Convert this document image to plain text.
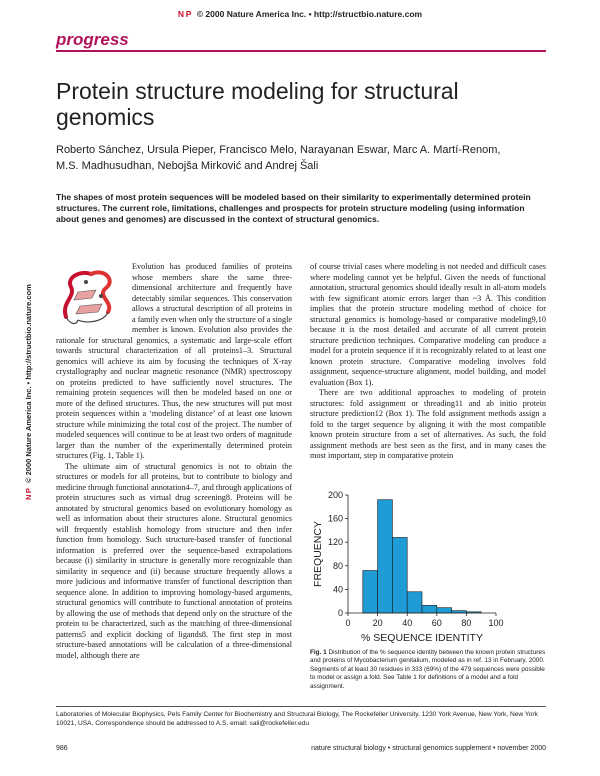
N P © 2000 Nature America Inc. • http://structbio.nature.com
progress
N P © 2000 Nature America Inc. • http://structbio.nature.com
Protein structure modeling for structural genomics
Roberto Sánchez, Ursula Pieper, Francisco Melo, Narayanan Eswar, Marc A. Martí-Renom, M.S. Madhusudhan, Nebojša Mirković and Andrej Šali
The shapes of most protein sequences will be modeled based on their similarity to experimentally determined protein structures. The current role, limitations, challenges and prospects for protein structure modeling (using information about genes and genomes) are discussed in the context of structural genomics.

Evolution has produced families of proteins whose members share the same three-dimensional architecture and frequently have detectably similar sequences. This conservation allows a structural description of all proteins in a family even when only the structure of a single member is known. Evolution also provides the rationale for structural genomics, a systematic and large-scale effort towards structural characterization of all proteins1–3. Structural genomics will achieve its aim by focusing the techniques of X-ray crystallography and nuclear magnetic resonance (NMR) spectroscopy on proteins predicted to have sufficiently novel structures. The remaining protein sequences will then be modeled based on one or more of the defined structures. Thus, the new structures will put most protein sequences within a ‘modeling distance’ of at least one known structure while minimizing the total cost of the project. The number of modeled sequences will continue to be at least two orders of magnitude larger than the number of the experimentally determined protein structures (Fig. 1, Table 1).

The ultimate aim of structural genomics is not to obtain the structures or models for all proteins, but to contribute to biology and medicine through functional annotation4–7, and through applications of protein structures such as virtual drug screening8. Proteins will be annotated by structural genomics based on evolutionary homology as well as information about their structures alone. Structural genomics will frequently establish homology from structure and then infer function from homology. Such structure-based transfer of functional information is preferred over the sequence-based extrapolations because (i) similarity in structure is generally more recognizable than similarity in sequence and (ii) because structure frequently allows a more judicious and informative transfer of functional description than sequence alone. In addition to improving homology-based arguments, structural genomics will contribute to functional annotation of proteins by allowing the use of methods that depend only on the structure of the protein to be characterized, such as the matching of three-dimensional patterns5 and explicit docking of ligands8. The first step in most structure-based annotations will be calculation of a three-dimensional model, although there are

of course trivial cases where modeling is not needed and difficult cases where modeling cannot yet be helpful. Given the needs of functional annotation, structural genomics should ideally result in all-atom models with few significant atomic errors larger than ~3 Å. This condition implies that the protein structure modeling method of choice for structural genomics is homology-based or comparative modeling9,10 because it is the most detailed and accurate of all current protein structure prediction techniques. Comparative modeling can produce a model for a protein sequence if it is recognizably related to at least one known protein structure. Comparative modeling involves fold assignment, sequence-structure alignment, model building, and model evaluation (Box 1).

There are two additional approaches to modeling of protein structures: fold assignment or threading11 and ab initio protein structure prediction12 (Box 1). The fold assignment methods assign a fold to the target sequence by aligning it with the most compatible known protein structure from a set of alternatives. As such, the fold assignment methods are best seen as the first, and in many cases the most important, step in comparative protein

0
40
80
120
160
200
0 20 40 60 80 100
% SEQUENCE IDENTITY
FREQUENCY
Fig. 1 Distribution of the % sequence identity between the known protein structures and proteins of Mycobacterium genitalium, modeled as in ref. 13 in February, 2000. Segments of at least 30 residues in 333 (69%) of the 479 sequences were possible to model or assign a fold. See Table 1 for definitions of a model and a fold assignment.
Laboratories of Molecular Biophysics, Pels Family Center for Biochemistry and Structural Biology, The Rockefeller University, 1230 York Avenue, New York, New York 10021, USA. Correspondence should be addressed to A.S. email: sali@rockefeller.edu
986	nature structural biology • structural genomics supplement • november 2000
